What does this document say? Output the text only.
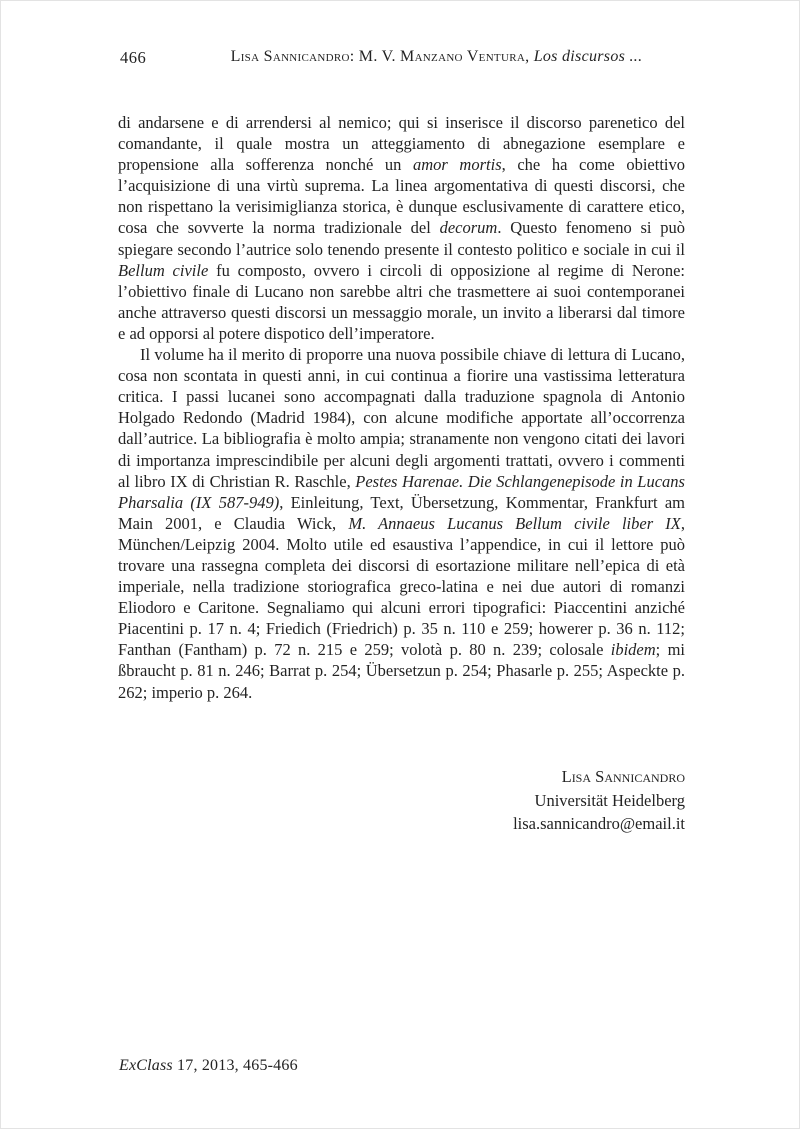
466	Lisa Sannicandro: M. V. Manzano Ventura, Los discursos ...

di andarsene e di arrendersi al nemico; qui si inserisce il discorso parenetico del comandante, il quale mostra un atteggiamento di abnegazione esemplare e propensione alla sofferenza nonché un amor mortis, che ha come obiettivo l’acquisizione di una virtù suprema. La linea argomentativa di questi discorsi, che non rispettano la verisimiglianza storica, è dunque esclusivamente di carattere etico, cosa che sovverte la norma tradizionale del decorum. Questo fenomeno si può spiegare secondo l’autrice solo tenendo presente il contesto politico e sociale in cui il Bellum civile fu composto, ovvero i circoli di opposizione al regime di Nerone: l’obiettivo finale di Lucano non sarebbe altri che trasmettere ai suoi contemporanei anche attraverso questi discorsi un messaggio morale, un invito a liberarsi dal timore e ad opporsi al potere dispotico dell’imperatore.

Il volume ha il merito di proporre una nuova possibile chiave di lettura di Lucano, cosa non scontata in questi anni, in cui continua a fiorire una vastissima letteratura critica. I passi lucanei sono accompagnati dalla traduzione spagnola di Antonio Holgado Redondo (Madrid 1984), con alcune modifiche apportate all’occorrenza dall’autrice. La bibliografia è molto ampia; stranamente non vengono citati dei lavori di importanza imprescindibile per alcuni degli argomenti trattati, ovvero i commenti al libro IX di Christian R. Raschle, Pestes Harenae. Die Schlangenepisode in Lucans Pharsalia (IX 587-949), Einleitung, Text, Übersetzung, Kommentar, Frankfurt am Main 2001, e Claudia Wick, M. Annaeus Lucanus Bellum civile liber IX, München/Leipzig 2004. Molto utile ed esaustiva l’appendice, in cui il lettore può trovare una rassegna completa dei discorsi di esortazione militare nell’epica di età imperiale, nella tradizione storiografica greco-latina e nei due autori di romanzi Eliodoro e Caritone. Segnaliamo qui alcuni errori tipografici: Piaccentini anziché Piacentini p. 17 n. 4; Friedich (Friedrich) p. 35 n. 110 e 259; howerer p. 36 n. 112; Fanthan (Fantham) p. 72 n. 215 e 259; volotà p. 80 n. 239; colosale ibidem; mi ßbraucht p. 81 n. 246; Barrat p. 254; Übersetzun p. 254; Phasarle p. 255; Aspeckte p. 262; imperio p. 264.

Lisa Sannicandro
Universität Heidelberg
lisa.sannicandro@email.it
ExClass 17, 2013, 465-466
